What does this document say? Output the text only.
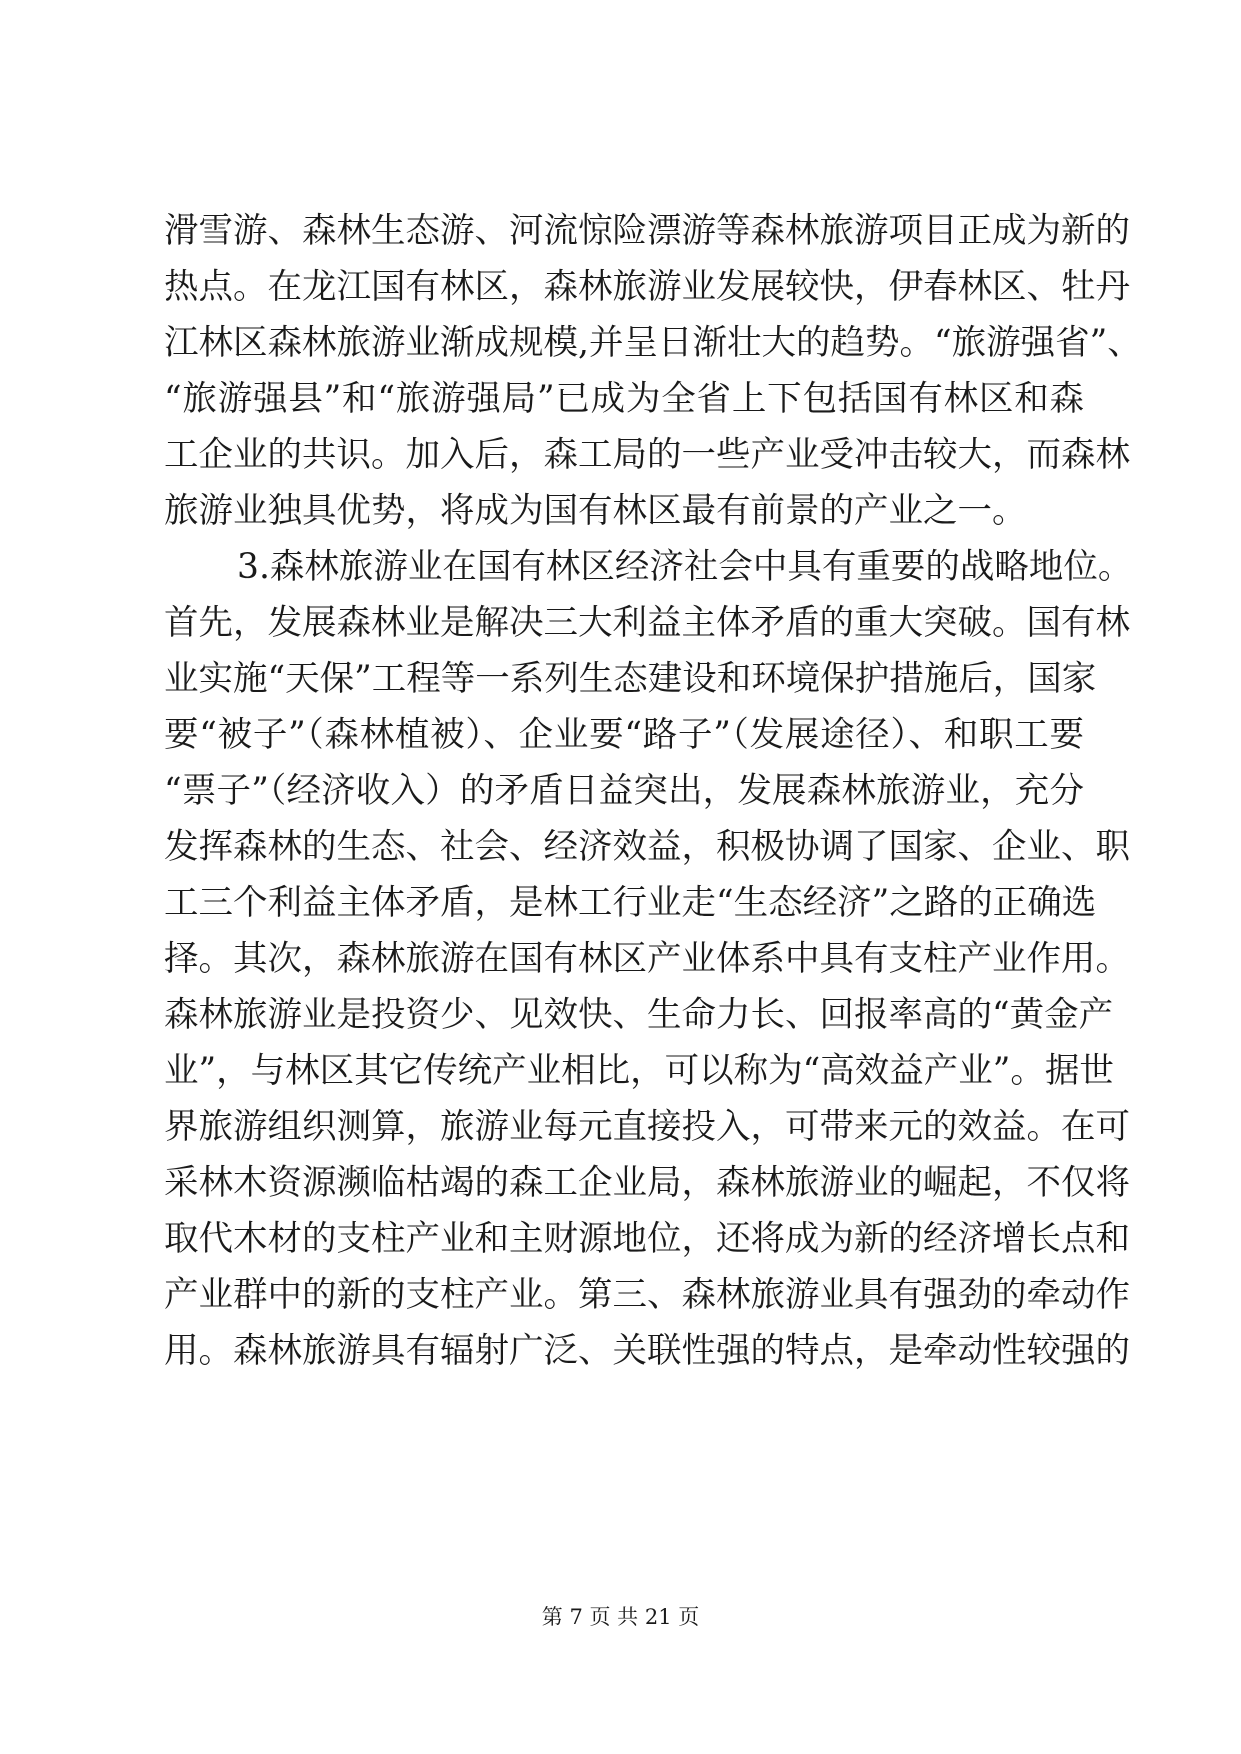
滑雪游、森林生态游、河流惊险漂游等森林旅游项目正成为新的
热点。在龙江国有林区，森林旅游业发展较快，伊春林区、牡丹
江林区森林旅游业渐成规模,并呈日渐壮大的趋势。“旅游强省”、
“旅游强县”和“旅游强局”已成为全省上下包括国有林区和森
工企业的共识。加入后，森工局的一些产业受冲击较大，而森林
旅游业独具优势，将成为国有林区最有前景的产业之一。
3.森林旅游业在国有林区经济社会中具有重要的战略地位。
首先，发展森林业是解决三大利益主体矛盾的重大突破。国有林
业实施“天保”工程等一系列生态建设和环境保护措施后，国家
要“被子”（森林植被）、企业要“路子”（发展途径）、和职工要
“票子”（经济收入）的矛盾日益突出，发展森林旅游业，充分
发挥森林的生态、社会、经济效益，积极协调了国家、企业、职
工三个利益主体矛盾，是林工行业走“生态经济”之路的正确选
择。其次，森林旅游在国有林区产业体系中具有支柱产业作用。
森林旅游业是投资少、见效快、生命力长、回报率高的“黄金产
业”，与林区其它传统产业相比，可以称为“高效益产业”。据世
界旅游组织测算，旅游业每元直接投入，可带来元的效益。在可
采林木资源濒临枯竭的森工企业局，森林旅游业的崛起，不仅将
取代木材的支柱产业和主财源地位，还将成为新的经济增长点和
产业群中的新的支柱产业。第三、森林旅游业具有强劲的牵动作
用。森林旅游具有辐射广泛、关联性强的特点，是牵动性较强的
第 7 页 共 21 页
